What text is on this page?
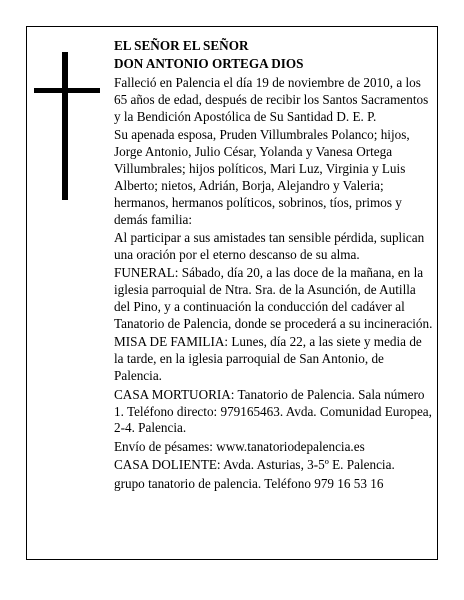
EL SEÑOR EL SEÑOR

DON ANTONIO ORTEGA DIOS

Falleció en Palencia el día 19 de noviembre de 2010, a los 65 años de edad, después de recibir los Santos Sacramentos y la Bendición Apostólica de Su Santidad D. E. P.

Su apenada esposa, Pruden Villumbrales Polanco; hijos, Jorge Antonio, Julio César, Yolanda y Vanesa Ortega Villumbrales; hijos políticos, Mari Luz, Virginia y Luis Alberto; nietos, Adrián, Borja, Alejandro y Valeria; hermanos, hermanos políticos, sobrinos, tíos, primos y demás familia:

Al participar a sus amistades tan sensible pérdida, suplican una oración por el eterno descanso de su alma.

FUNERAL: Sábado, día 20, a las doce de la mañana, en la iglesia parroquial de Ntra. Sra. de la Asunción, de Autilla del Pino, y a continuación la conducción del cadáver al Tanatorio de Palencia, donde se procederá a su incineración.

MISA DE FAMILIA: Lunes, día 22, a las siete y media de la tarde, en la iglesia parroquial de San Antonio, de Palencia.

CASA MORTUORIA: Tanatorio de Palencia. Sala número 1. Teléfono directo: 979165463. Avda. Comunidad Europea, 2-4. Palencia.

Envío de pésames: www.tanatoriodepalencia.es

CASA DOLIENTE: Avda. Asturias, 3-5º E. Palencia.

grupo tanatorio de palencia. Teléfono 979 16 53 16
